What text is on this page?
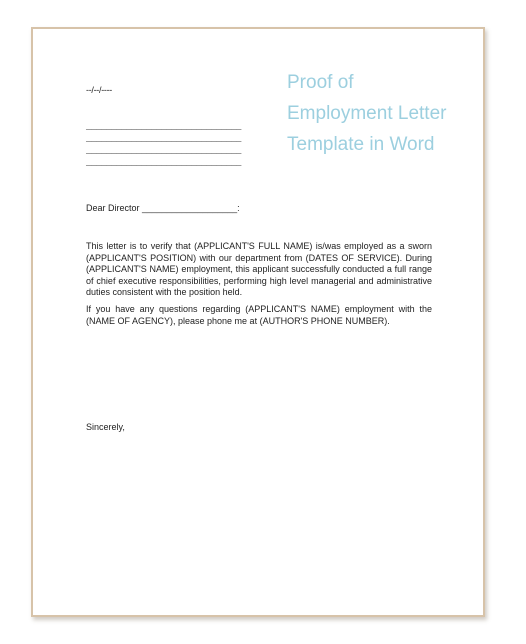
--/--/----
_______________________________
_______________________________
_______________________________
_______________________________
Proof of Employment Letter Template in Word
Dear Director ___________________:

This letter is to verify that (APPLICANT'S FULL NAME) is/was employed as a sworn (APPLICANT'S POSITION) with our department from (DATES OF SERVICE). During (APPLICANT'S NAME) employment, this applicant successfully conducted a full range of chief executive responsibilities, performing high level managerial and administrative duties consistent with the position held.

If you have any questions regarding (APPLICANT'S NAME) employment with the (NAME OF AGENCY), please phone me at (AUTHOR'S PHONE NUMBER).

Sincerely,
